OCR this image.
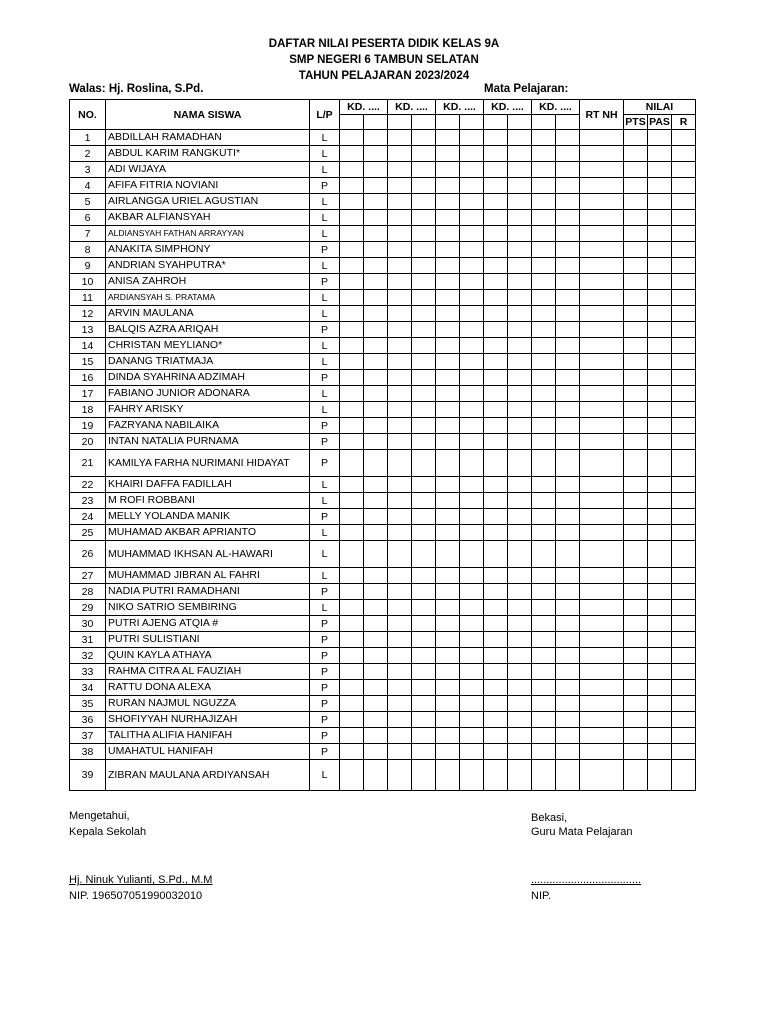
DAFTAR NILAI PESERTA DIDIK KELAS 9A
SMP NEGERI 6 TAMBUN SELATAN
TAHUN PELAJARAN 2023/2024
Walas: Hj. Roslina, S.Pd.	Mata Pelajaran:
NO.	NAMA SISWA	L/P	KD. ....		KD. ....		KD. ....		KD. ....		KD. ....		RT NH	NILAI		
														PTS	PAS	R
1	ABDILLAH RAMADHAN	L														
2	ABDUL KARIM RANGKUTI*	L														
3	ADI WIJAYA	L														
4	AFIFA FITRIA NOVIANI	P														
5	AIRLANGGA URIEL AGUSTIAN	L														
6	AKBAR ALFIANSYAH	L														
7	ALDIANSYAH FATHAN ARRAYYAN	L														
8	ANAKITA SIMPHONY	P														
9	ANDRIAN SYAHPUTRA*	L														
10	ANISA ZAHROH	P														
11	ARDIANSYAH S. PRATAMA	L														
12	ARVIN MAULANA	L														
13	BALQIS AZRA ARIQAH	P														
14	CHRISTAN MEYLIANO*	L														
15	DANANG TRIATMAJA	L														
16	DINDA SYAHRINA ADZIMAH	P														
17	FABIANO JUNIOR ADONARA	L														
18	FAHRY ARISKY	L														
19	FAZRYANA NABILAIKA	P														
20	INTAN NATALIA PURNAMA	P														
21	KAMILYA FARHA NURIMANI HIDAYAT	P														
22	KHAIRI DAFFA FADILLAH	L														
23	M ROFI ROBBANI	L														
24	MELLY YOLANDA MANIK	P														
25	MUHAMAD AKBAR APRIANTO	L														
26	MUHAMMAD IKHSAN AL-HAWARI	L														
27	MUHAMMAD JIBRAN AL FAHRI	L														
28	NADIA PUTRI RAMADHANI	P														
29	NIKO SATRIO SEMBIRING	L														
30	PUTRI AJENG ATQIA #	P														
31	PUTRI SULISTIANI	P														
32	QUIN KAYLA ATHAYA	P														
33	RAHMA CITRA AL FAUZIAH	P														
34	RATTU DONA ALEXA	P														
35	RURAN NAJMUL NGUZZA	P														
36	SHOFIYYAH NURHAJIZAH	P														
37	TALITHA ALIFIA HANIFAH	P														
38	UMAHATUL HANIFAH	P														
39	ZIBRAN MAULANA ARDIYANSAH	L														
Mengetahui,
Kepala Sekolah
Hj. Ninuk Yulianti, S.Pd., M.M
NIP. 196507051990032010
Bekasi,
Guru Mata Pelajaran
....................................
NIP.
